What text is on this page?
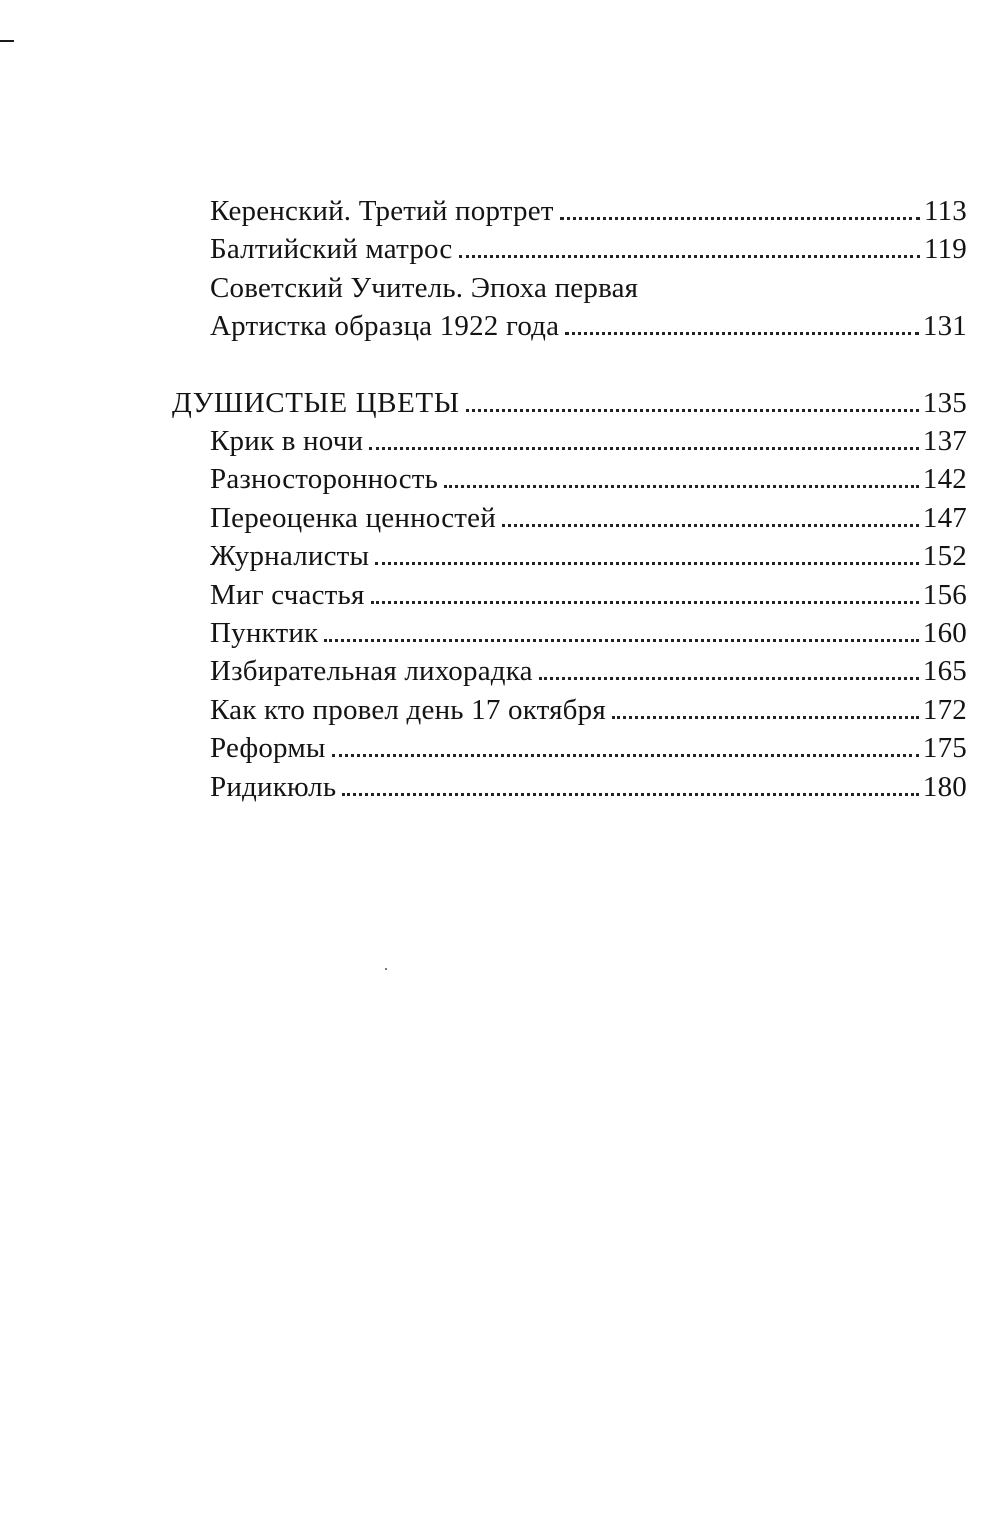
Керенский. Третий портрет	113
Балтийский матрос	119
Советский Учитель. Эпоха первая
Артистка образца 1922 года	131
ДУШИСТЫЕ ЦВЕТЫ	135
Крик в ночи	137
Разносторонность	142
Переоценка ценностей	147
Журналисты	152
Миг счастья	156
Пунктик	160
Избирательная лихорадка	165
Как кто провел день 17 октября	172
Реформы	175
Ридикюль	180
